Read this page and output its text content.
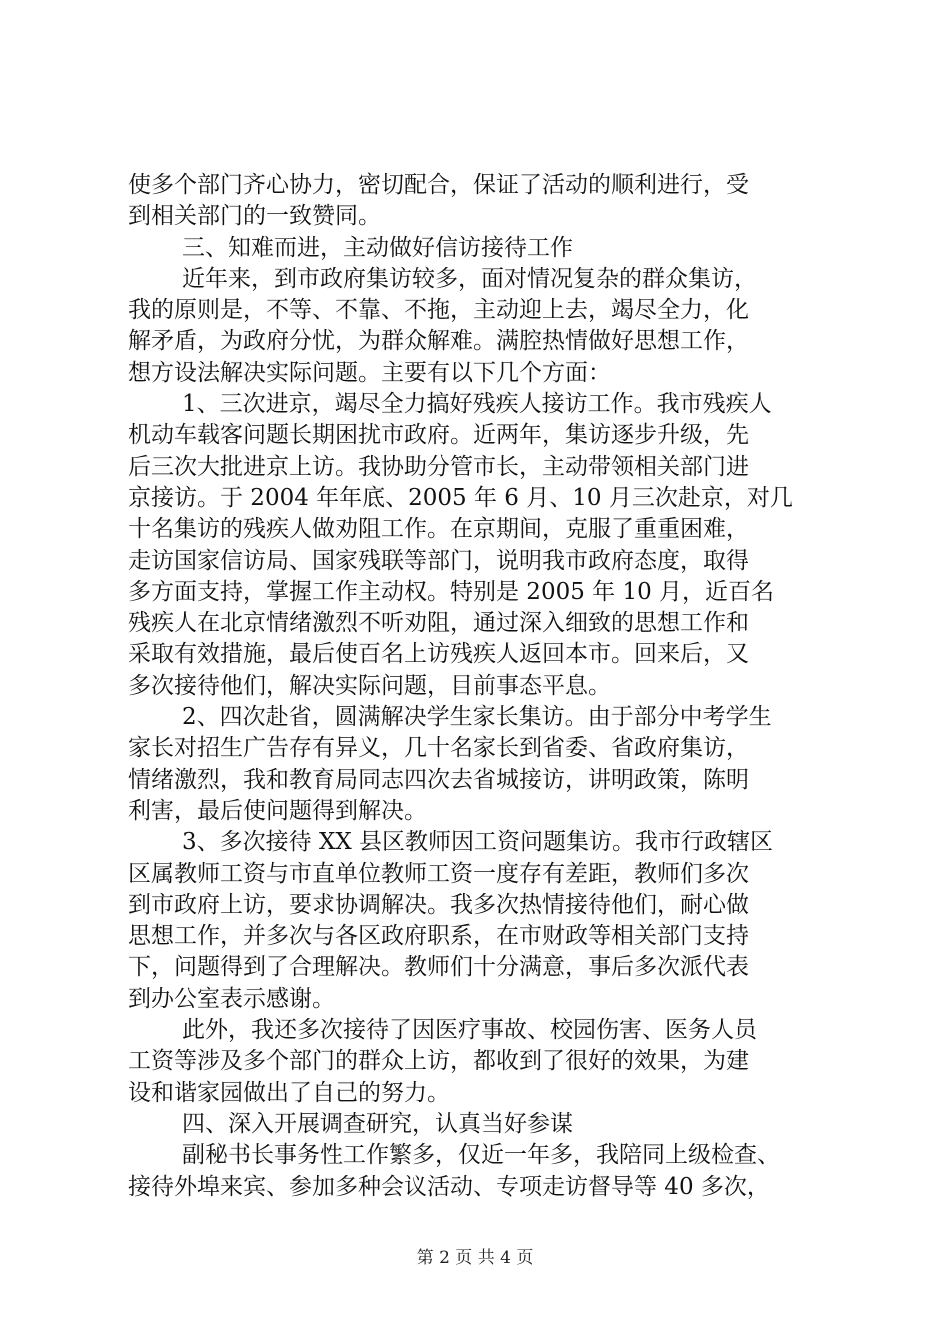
使多个部门齐心协力，密切配合，保证了活动的顺利进行，受
到相关部门的一致赞同。
三、知难而进，主动做好信访接待工作
近年来，到市政府集访较多，面对情况复杂的群众集访，
我的原则是，不等、不靠、不拖，主动迎上去，竭尽全力，化
解矛盾，为政府分忧，为群众解难。满腔热情做好思想工作，
想方设法解决实际问题。主要有以下几个方面：
1、三次进京，竭尽全力搞好残疾人接访工作。我市残疾人
机动车载客问题长期困扰市政府。近两年，集访逐步升级，先
后三次大批进京上访。我协助分管市长，主动带领相关部门进
京接访。于 2004 年年底、2005 年 6 月、10 月三次赴京，对几
十名集访的残疾人做劝阻工作。在京期间，克服了重重困难，
走访国家信访局、国家残联等部门，说明我市政府态度，取得
多方面支持，掌握工作主动权。特别是 2005 年 10 月，近百名
残疾人在北京情绪激烈不听劝阻，通过深入细致的思想工作和
采取有效措施，最后使百名上访残疾人返回本市。回来后，又
多次接待他们，解决实际问题，目前事态平息。
2、四次赴省，圆满解决学生家长集访。由于部分中考学生
家长对招生广告存有异义，几十名家长到省委、省政府集访，
情绪激烈，我和教育局同志四次去省城接访，讲明政策，陈明
利害，最后使问题得到解决。
3、多次接待 XX 县区教师因工资问题集访。我市行政辖区
区属教师工资与市直单位教师工资一度存有差距，教师们多次
到市政府上访，要求协调解决。我多次热情接待他们，耐心做
思想工作，并多次与各区政府职系，在市财政等相关部门支持
下，问题得到了合理解决。教师们十分满意，事后多次派代表
到办公室表示感谢。
此外，我还多次接待了因医疗事故、校园伤害、医务人员
工资等涉及多个部门的群众上访，都收到了很好的效果，为建
设和谐家园做出了自己的努力。
四、深入开展调查研究，认真当好参谋
副秘书长事务性工作繁多，仅近一年多，我陪同上级检查、
接待外埠来宾、参加多种会议活动、专项走访督导等 40 多次，
第 2 页 共 4 页
